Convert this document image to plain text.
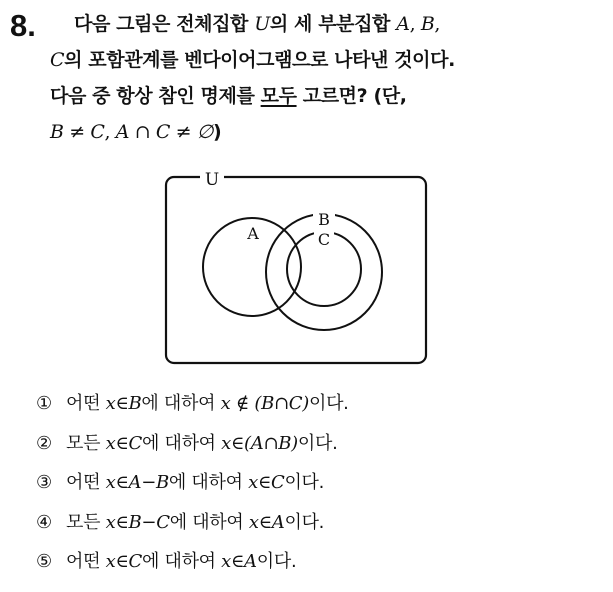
8.	다음 그림은 전체집합 U의 세 부분집합 A, B,
C의 포함관계를 벤다이어그램으로 나타낸 것이다.
다음 중 항상 참인 명제를 모두 고르면? (단,
B ≠ C, A ∩ C ≠ ∅)
U
A
B
C
① 어떤 x∈B에 대하여 x ∉ (B∩C)이다.
② 모든 x∈C에 대하여 x∈(A∩B)이다.
③ 어떤 x∈A−B에 대하여 x∈C이다.
④ 모든 x∈B−C에 대하여 x∈A이다.
⑤ 어떤 x∈C에 대하여 x∈A이다.
